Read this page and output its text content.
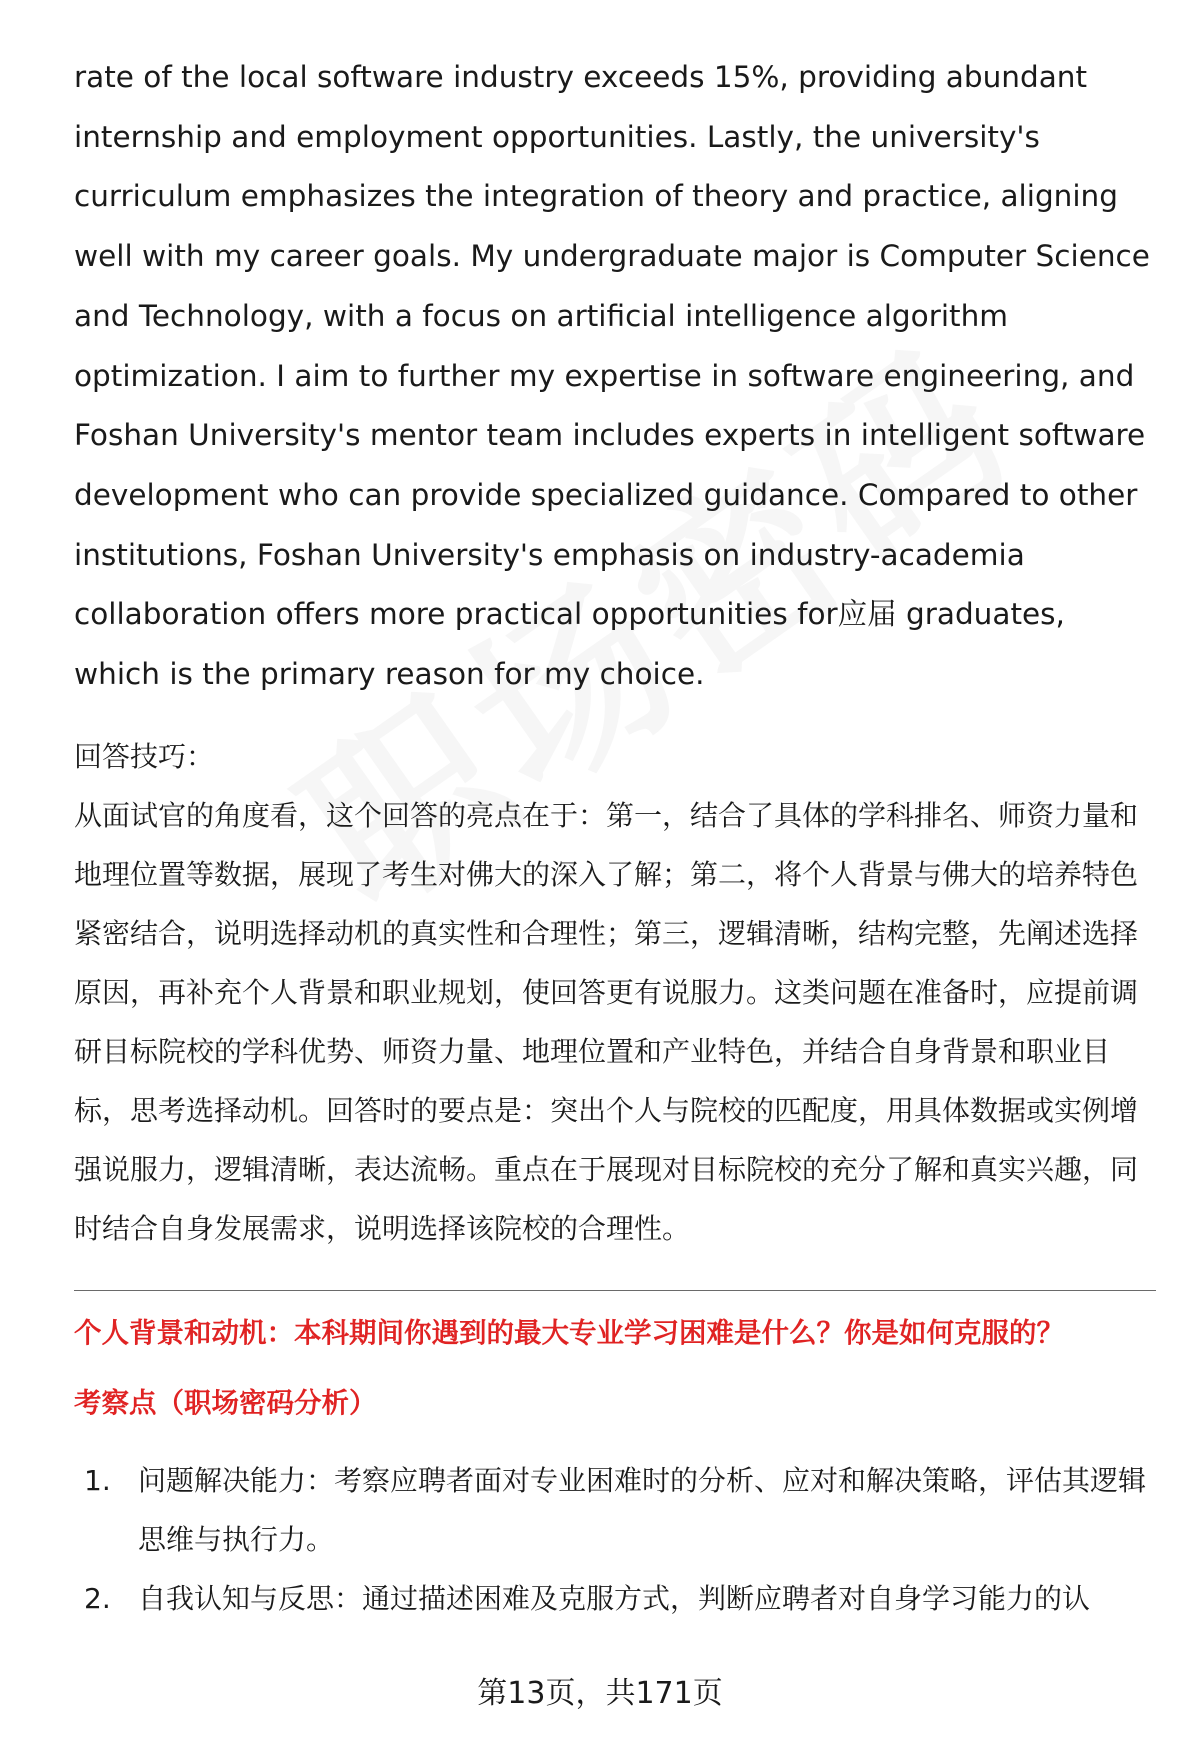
rate of the local software industry exceeds 15%, providing abundant internship and employment opportunities. Lastly, the university's curriculum emphasizes the integration of theory and practice, aligning well with my career goals. My undergraduate major is Computer Science and Technology, with a focus on artificial intelligence algorithm optimization. I aim to further my expertise in software engineering, and Foshan University's mentor team includes experts in intelligent software development who can provide specialized guidance. Compared to other institutions, Foshan University's emphasis on industry-academia collaboration offers more practical opportunities for应届 graduates, which is the primary reason for my choice.

回答技巧：

从面试官的角度看，这个回答的亮点在于：第一，结合了具体的学科排名、师资力量和地理位置等数据，展现了考生对佛大的深入了解；第二，将个人背景与佛大的培养特色紧密结合，说明选择动机的真实性和合理性；第三，逻辑清晰，结构完整，先阐述选择原因，再补充个人背景和职业规划，使回答更有说服力。这类问题在准备时，应提前调研目标院校的学科优势、师资力量、地理位置和产业特色，并结合自身背景和职业目标，思考选择动机。回答时的要点是：突出个人与院校的匹配度，用具体数据或实例增强说服力，逻辑清晰，表达流畅。重点在于展现对目标院校的充分了解和真实兴趣，同时结合自身发展需求，说明选择该院校的合理性。

个人背景和动机：本科期间你遇到的最大专业学习困难是什么？你是如何克服的？

考察点（职场密码分析）

1. 问题解决能力：考察应聘者面对专业困难时的分析、应对和解决策略，评估其逻辑思维与执行力。
2. 自我认知与反思：通过描述困难及克服方式，判断应聘者对自身学习能力的认
第13页，共171页
